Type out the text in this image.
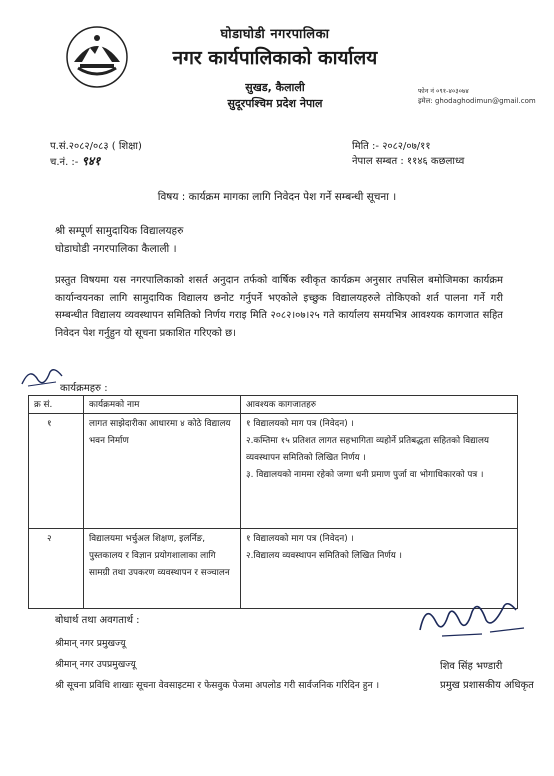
घोडाघोडी नगरपालिका
नगर कार्यपालिकाको कार्यालय
सुखड, कैलाली
सुदूरपश्चिम प्रदेश नेपाल
फोन नं ०९१-४०३०७४
इमेल: ghodaghodimun@gmail.com
प.सं.२०८२/०८३ ( शिक्षा)
च.नं. :- ९४१
मिति :- २०८२/०७/११
नेपाल सम्बत : ११४६ कछलाध्व
विषय : कार्यक्रम मागका लागि निवेदन पेश गर्ने सम्बन्धी सूचना ।
श्री सम्पूर्ण सामुदायिक विद्यालयहरु
घोडाघोडी नगरपालिका कैलाली ।
प्रस्तुत विषयमा यस नगरपालिकाको शसर्त अनुदान तर्फको वार्षिक स्वीकृत कार्यक्रम अनुसार तपसिल बमोजिमका कार्यक्रम कार्यान्वयनका लागि सामुदायिक विद्यालय छनोट गर्नुपर्ने भएकोले इच्छुक विद्यालयहरुले तोकिएको शर्त पालना गर्ने गरी सम्बन्धीत विद्यालय व्यवस्थापन समितिको निर्णय गराइ मिति २०८२।०७।२५ गते कार्यालय समयभित्र आवश्यक कागजात सहित निवेदन पेश गर्नुहुन यो सूचना प्रकाशित गरिएको छ।
कार्यक्रमहरु :
क्र सं.	कार्यक्रमको नाम	आवश्यक कागजातहरु
१	लागत साझेदारीका आधारमा ४ कोठे विद्यालय भवन निर्माण	१ विद्यालयको माग पत्र (निवेदन) ।
२.कम्तिमा १५ प्रतिशत लागत सहभागिता व्यहोर्ने प्रतिबद्धता सहितको विद्यालय व्यवस्थापन समितिको लिखित निर्णय ।
३. विद्यालयको नाममा रहेको जग्गा धनी प्रमाण पुर्जा वा भोगाधिकारको पत्र ।

२	विद्यालयमा भर्चुअल शिक्षण, इलर्निङ, पुस्तकालय र विज्ञान प्रयोगशालाका लागि सामग्री तथा उपकरण व्यवस्थापन र सञ्चालन	१ विद्यालयको माग पत्र (निवेदन) ।
२.विद्यालय व्यवस्थापन समितिको लिखित निर्णय ।
बोधार्थ तथा अवगतार्थ :
श्रीमान् नगर प्रमुखज्यू
श्रीमान् नगर उपप्रमुखज्यू
श्री सूचना प्रविधि शाखाः सूचना वेवसाइटमा र फेसवुक पेजमा अपलोड गरी सार्वजनिक गरिदिन हुन ।
शिव सिंह भण्डारी
प्रमुख प्रशासकीय अधिकृत
